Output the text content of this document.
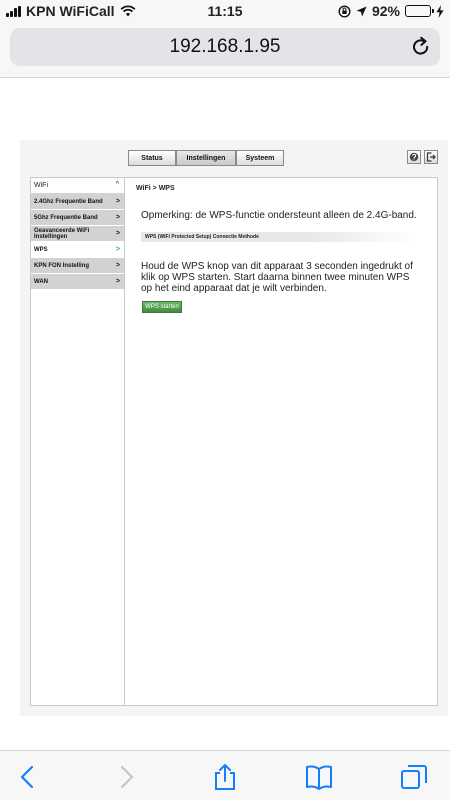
KPN WiFiCall	11:15	92%
192.168.1.95
Status	Instellingen	Systeem
WiFi	^
2.4Ghz Frequentie Band >
5Ghz Frequentie Band	>
Geavanceerde WiFi Instellingen	>
WPS	>
KPN FON Instelling	>
WAN	>
WiFi > WPS
Opmerking: de WPS-functie ondersteunt alleen de 2.4G-band.
WPS (WiFi Protected Setup) Connectie Methode
Houd de WPS knop van dit apparaat 3 seconden ingedrukt of klik op WPS starten. Start daarna binnen twee minuten WPS op het eind apparaat dat je wilt verbinden.
WPS starten
